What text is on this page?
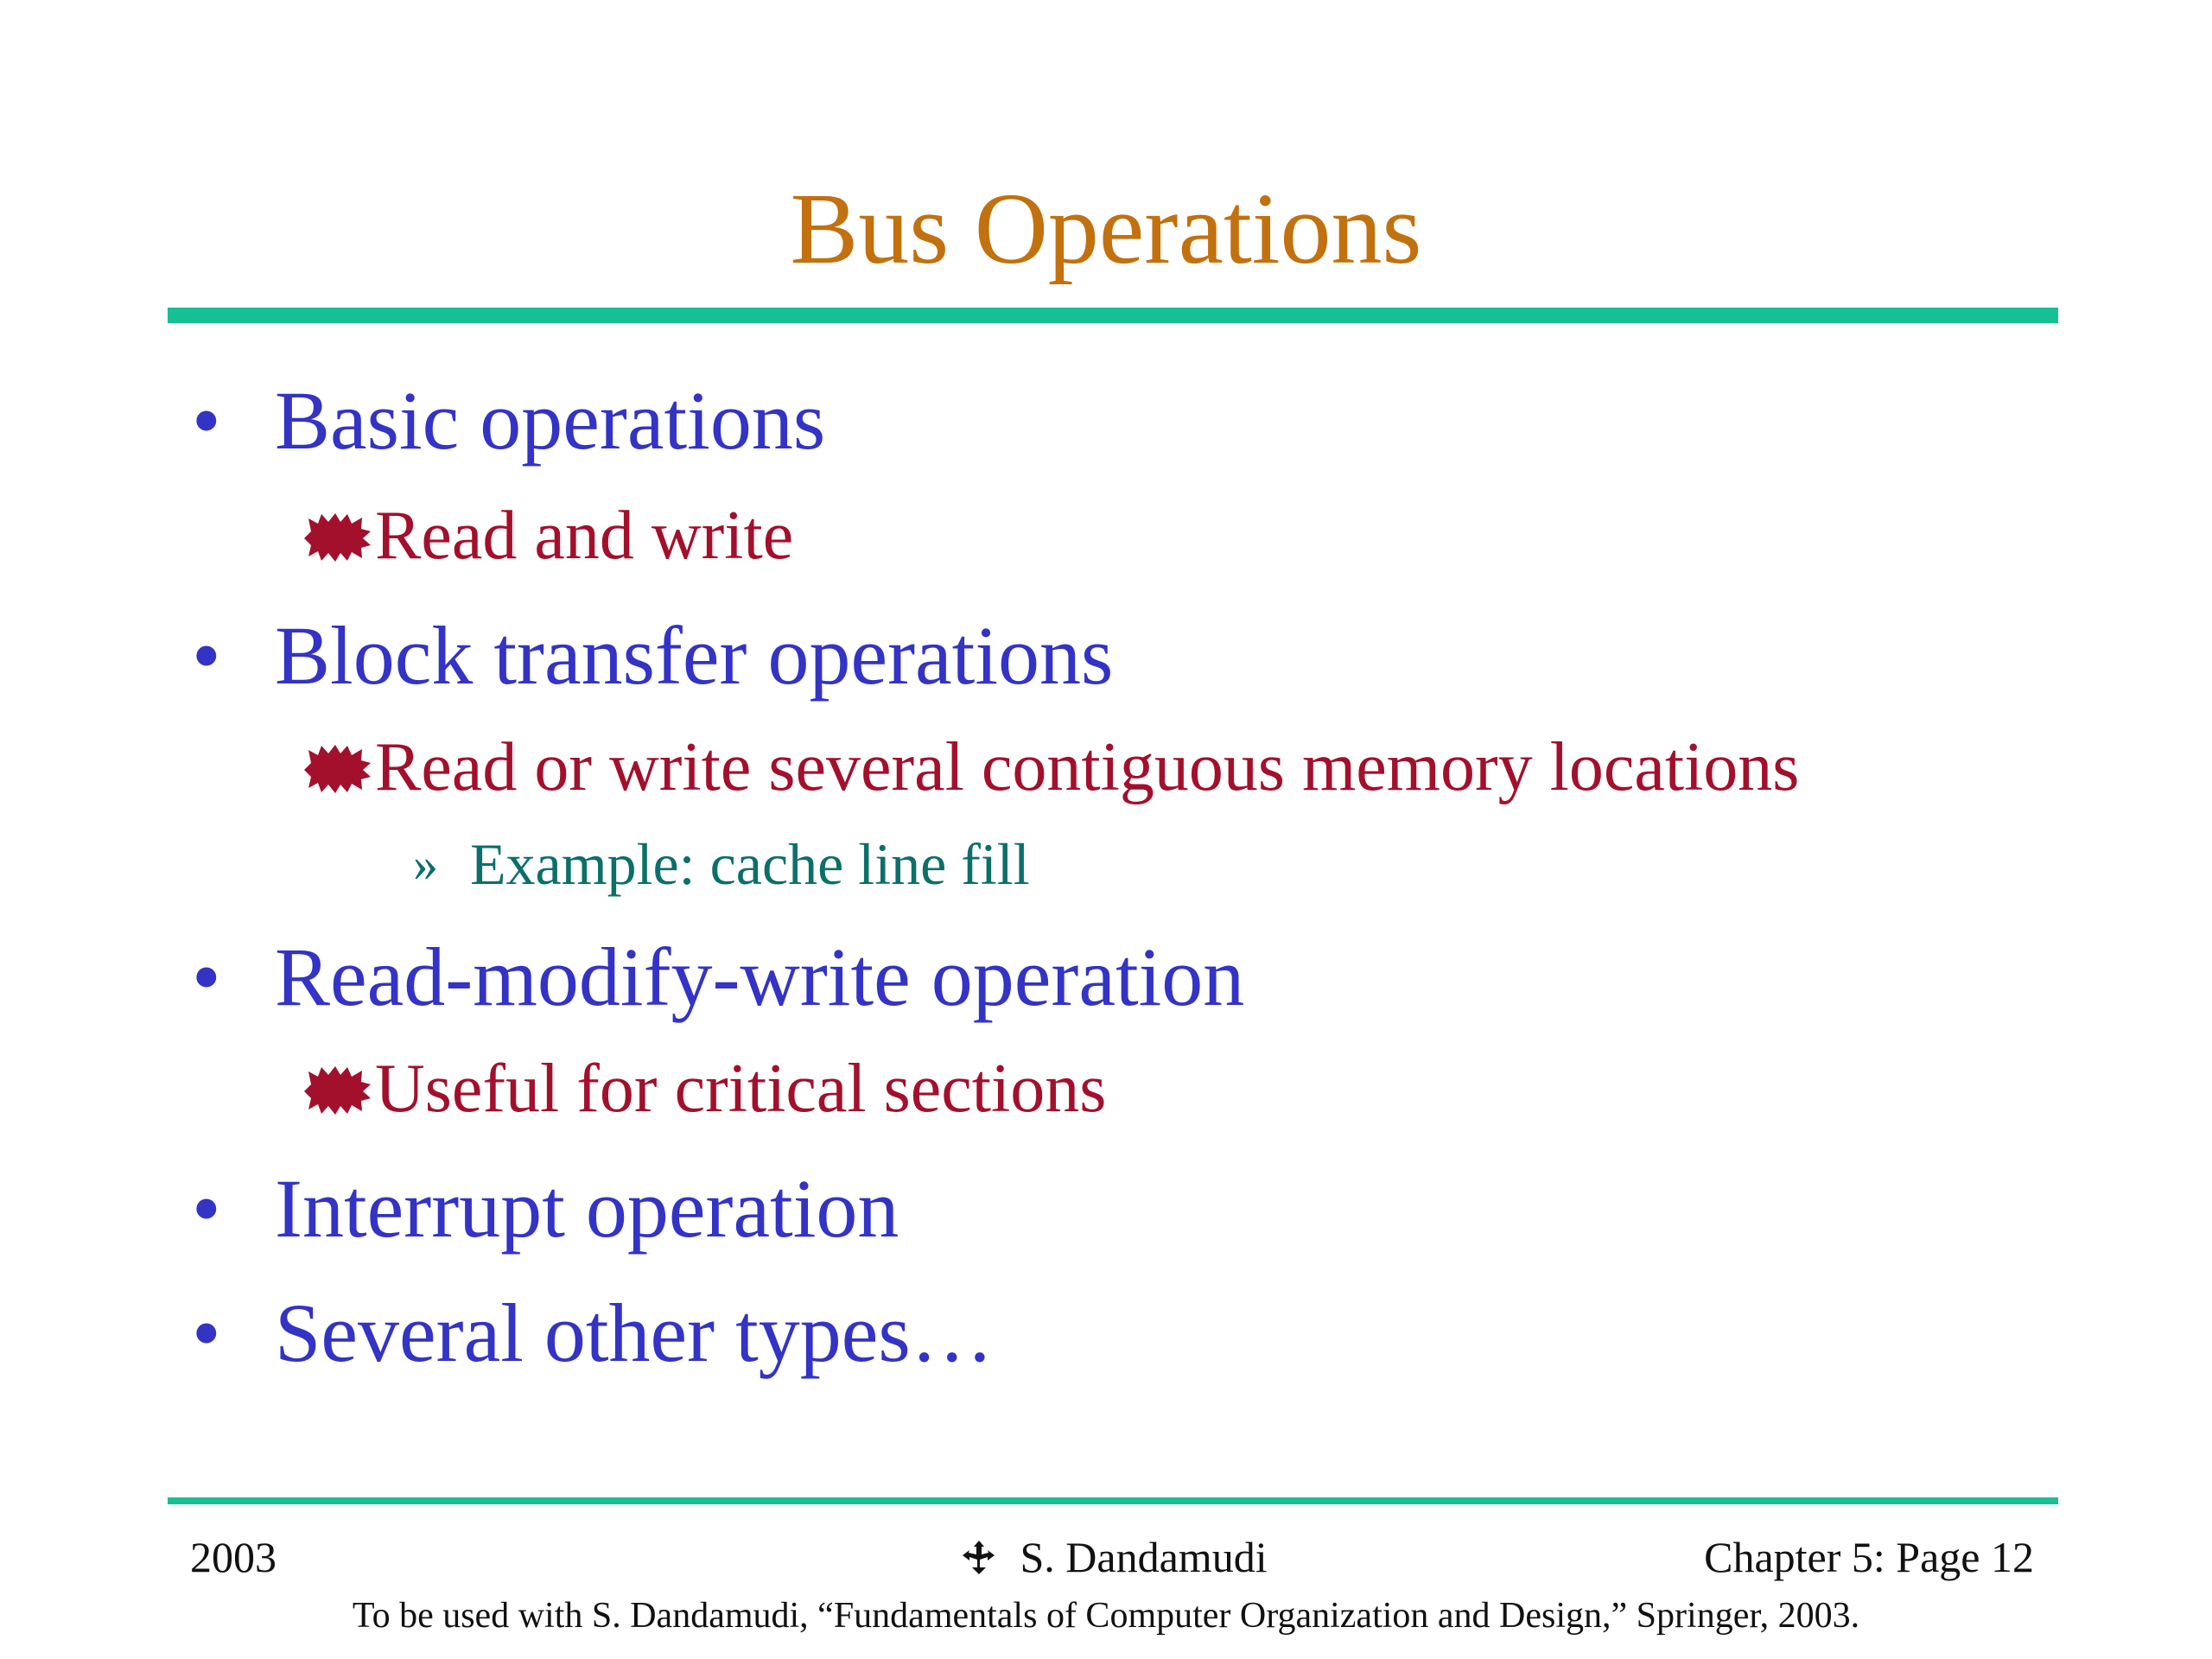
Bus Operations
• Basic operations
Read and write
• Block transfer operations
Read or write several contiguous memory locations
» Example: cache line fill
• Read-modify-write operation
Useful for critical sections
• Interrupt operation
• Several other types…
2003	S. Dandamudi	Chapter 5: Page 12
To be used with S. Dandamudi, “Fundamentals of Computer Organization and Design,” Springer, 2003.
